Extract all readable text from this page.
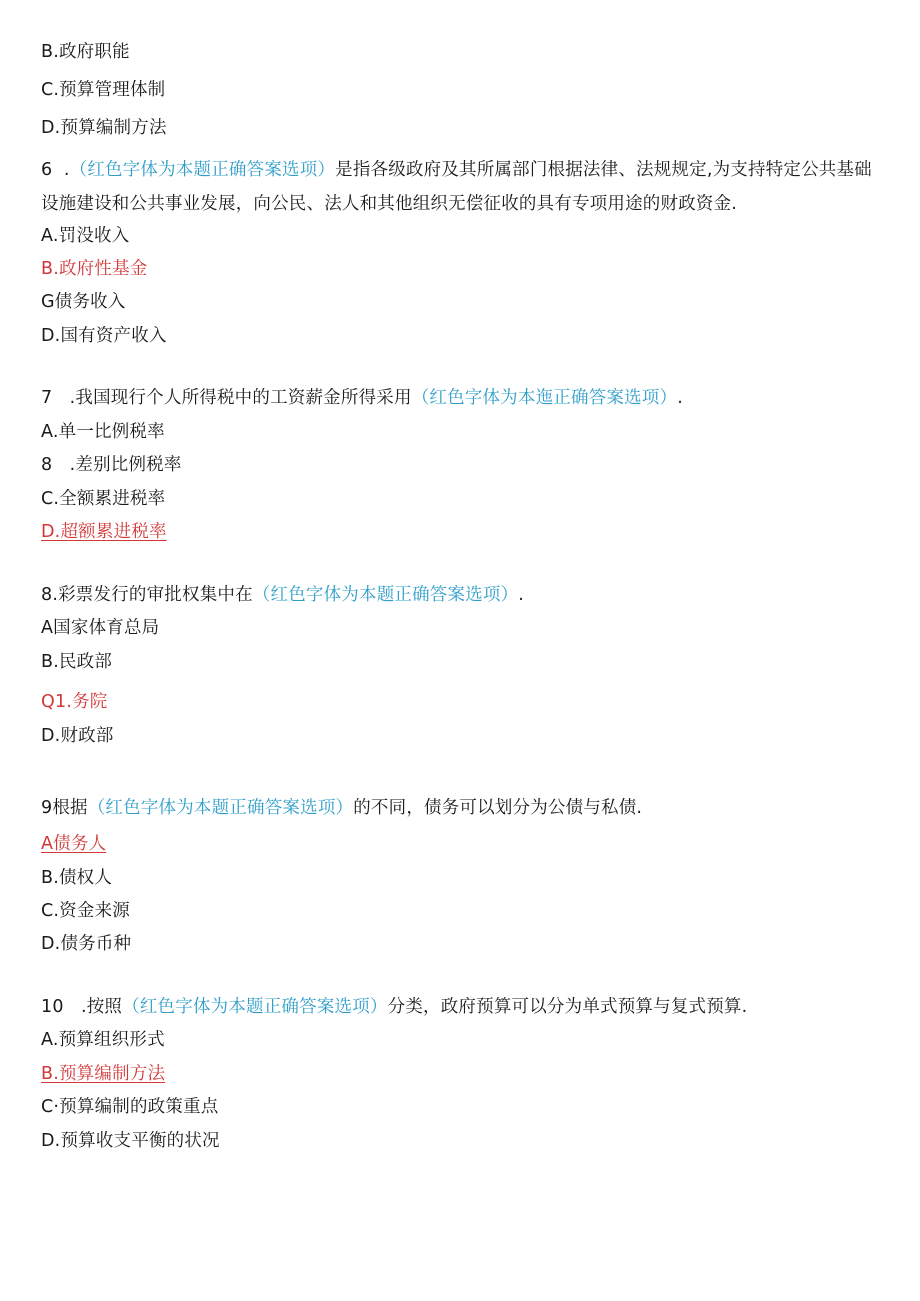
B.政府职能
C.预算管理体制
D.预算编制方法
6  .（红色字体为本题正确答案选项）是指各级政府及其所属部门根据法律、法规规定,为支持特定公共基础设施建设和公共事业发展，向公民、法人和其他组织无偿征收的具有专项用途的财政资金.
A.罚没收入
B.政府性基金
G债务收入
D.国有资产收入
7   .我国现行个人所得税中的工资薪金所得采用（红色字体为本迤正确答案选项）.
A.单一比例税率
8   .差别比例税率
C.全额累进税率
D.超额累进税率
8.彩票发行的审批权集中在（红色字体为本题正确答案选项）.
A国家体育总局
B.民政部
Q1.务院
D.财政部
9根据（红色字体为本题正确答案选项）的不同，债务可以划分为公债与私债.
A债务人
B.债权人
C.资金来源
D.债务币种
10   .按照（红色字体为本题正确答案选项）分类，政府预算可以分为单式预算与复式预算.
A.预算组织形式
B.预算编制方法
C·预算编制的政策重点
D.预算收支平衡的状况
